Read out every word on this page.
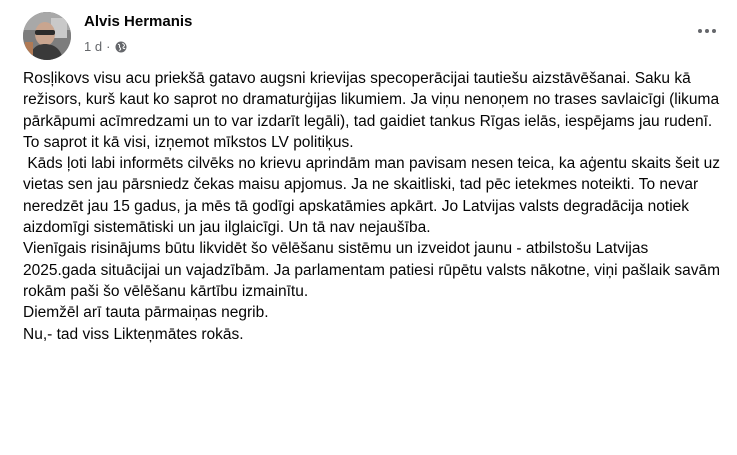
Alvis Hermanis
1 d ·

Rosļikovs visu acu priekšā gatavo augsni krievijas specoperācijai tautiešu aizstāvēšanai. Saku kā režisors, kurš kaut ko saprot no dramaturģijas likumiem. Ja viņu nenoņem no trases savlaicīgi (likuma pārkāpumi acīmredzami un to var izdarīt legāli), tad gaidiet tankus Rīgas ielās, iespējams jau rudenī. To saprot it kā visi, izņemot mīkstos LV politiķus.

Kāds ļoti labi informēts cilvēks no krievu aprindām man pavisam nesen teica, ka aģentu skaits šeit uz vietas sen jau pārsniedz čekas maisu apjomus. Ja ne skaitliski, tad pēc ietekmes noteikti. To nevar neredzēt jau 15 gadus, ja mēs tā godīgi apskatāmies apkārt. Jo Latvijas valsts degradācija notiek aizdomīgi sistemātiski un jau ilglaicīgi. Un tā nav nejaušība.

Vienīgais risinājums būtu likvidēt šo vēlēšanu sistēmu un izveidot jaunu - atbilstošu Latvijas 2025.gada situācijai un vajadzībām. Ja parlamentam patiesi rūpētu valsts nākotne, viņi pašlaik savām rokām paši šo vēlēšanu kārtību izmainītu.

Diemžēl arī tauta pārmaiņas negrib.

Nu,- tad viss Likteņmātes rokās.
